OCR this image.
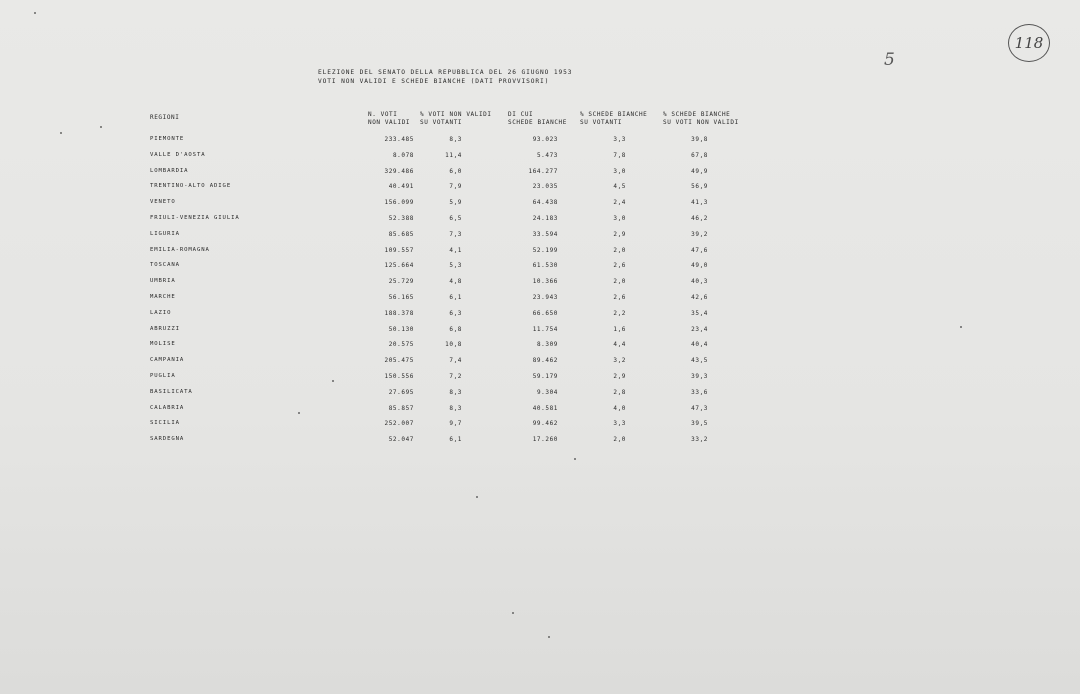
118
5
ELEZIONE DEL SENATO DELLA REPUBBLICA DEL 26 GIUGNO 1953
VOTI NON VALIDI E SCHEDE BIANCHE (DATI PROVVISORI)
REGIONI	N. VOTI
NON VALIDI
% VOTI NON VALIDI
SU VOTANTI
DI CUI
SCHEDE BIANCHE
% SCHEDE BIANCHE
SU VOTANTI
% SCHEDE BIANCHE
SU VOTI NON VALIDI
PIEMONTE	233.485	8,3	93.023	3,3	39,8
VALLE D'AOSTA	8.078	11,4	5.473	7,8	67,8
LOMBARDIA	329.486	6,0	164.277	3,0	49,9
TRENTINO-ALTO ADIGE	40.491	7,9	23.035	4,5	56,9
VENETO	156.099	5,9	64.438	2,4	41,3
FRIULI-VENEZIA GIULIA	52.388	6,5	24.183	3,0	46,2
LIGURIA	85.685	7,3	33.594	2,9	39,2
EMILIA-ROMAGNA	109.557	4,1	52.199	2,0	47,6
TOSCANA	125.664	5,3	61.530	2,6	49,0
UMBRIA	25.729	4,8	10.366	2,0	40,3
MARCHE	56.165	6,1	23.943	2,6	42,6
LAZIO	188.378	6,3	66.650	2,2	35,4
ABRUZZI	50.130	6,8	11.754	1,6	23,4
MOLISE	20.575	10,8	8.309	4,4	40,4
CAMPANIA	205.475	7,4	89.462	3,2	43,5
PUGLIA	150.556	7,2	59.179	2,9	39,3
BASILICATA	27.695	8,3	9.304	2,8	33,6
CALABRIA	85.857	8,3	40.581	4,0	47,3
SICILIA	252.007	9,7	99.462	3,3	39,5
SARDEGNA	52.047	6,1	17.260	2,0	33,2
